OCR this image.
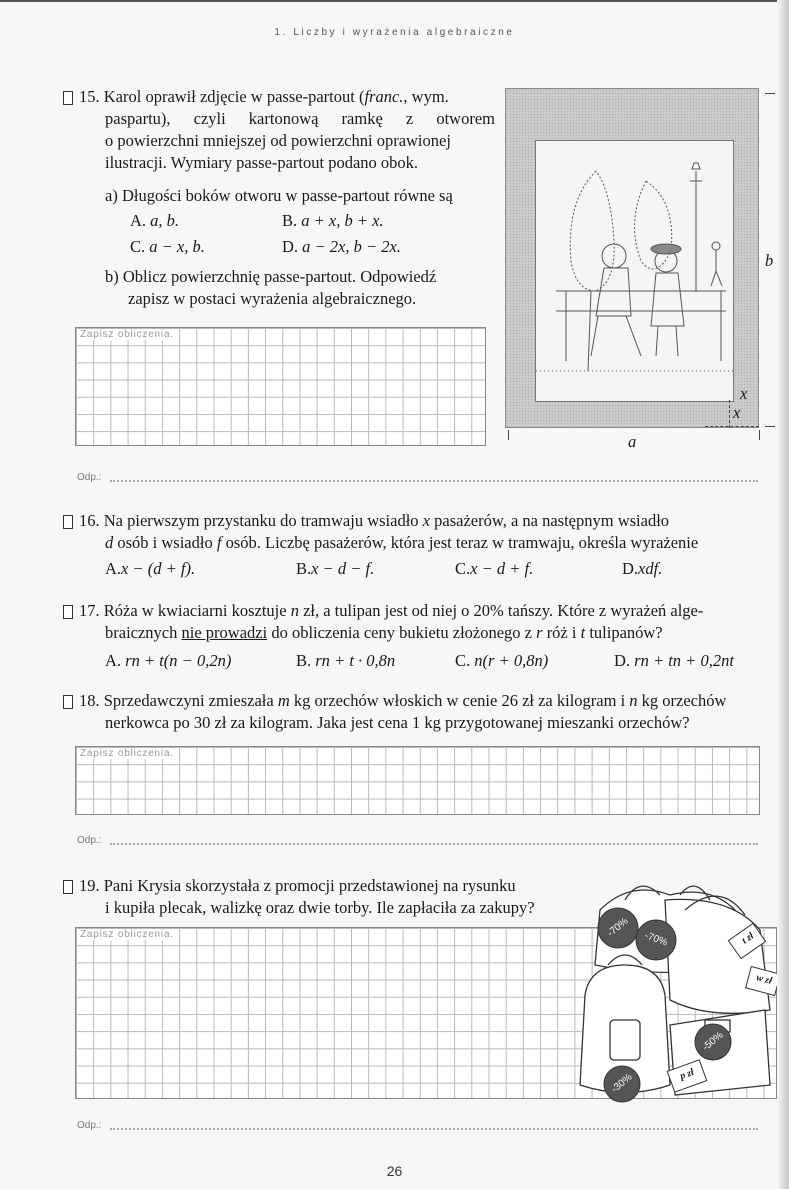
1. Liczby i wyrażenia algebraiczne
15. Karol oprawił zdjęcie w passe-partout (franc., wym.
paspartu), czyli kartonową ramkę z otworem
o powierzchni mniejszej od powierzchni oprawionej
ilustracji. Wymiary passe-partout podano obok.
a) Długości boków otworu w passe-partout równe są
A. a, b.	B. a + x, b + x.
C. a − x, b.	D. a − 2x, b − 2x.
b) Oblicz powierzchnię passe-partout. Odpowiedź
zapisz w postaci wyrażenia algebraicznego.
Zapisz obliczenia.
b
a
x
x
Odp.:
16. Na pierwszym przystanku do tramwaju wsiadło x pasażerów, a na następnym wsiadło
d osób i wsiadło f osób. Liczbę pasażerów, która jest teraz w tramwaju, określa wyrażenie
A.x − (d + f).	B.x − d − f.	C.x − d + f.	D.xdf.
17. Róża w kwiaciarni kosztuje n zł, a tulipan jest od niej o 20% tańszy. Które z wyrażeń alge-
braicznych nie prowadzi do obliczenia ceny bukietu złożonego z r róż i t tulipanów?
A. rn + t(n − 0,2n)	B. rn + t · 0,8n	C. n(r + 0,8n)	D. rn + tn + 0,2nt
18. Sprzedawczyni zmieszała m kg orzechów włoskich w cenie 26 zł za kilogram i n kg orzechów
nerkowca po 30 zł za kilogram. Jaka jest cena 1 kg przygotowanej mieszanki orzechów?
Zapisz obliczenia.
Odp.:
19. Pani Krysia skorzystała z promocji przedstawionej na rysunku
i kupiła plecak, walizkę oraz dwie torby. Ile zapłaciła za zakupy?
Zapisz obliczenia.	-70%
-70%	t zł
w zł
-50%
-30%	p zł
Odp.:
26
